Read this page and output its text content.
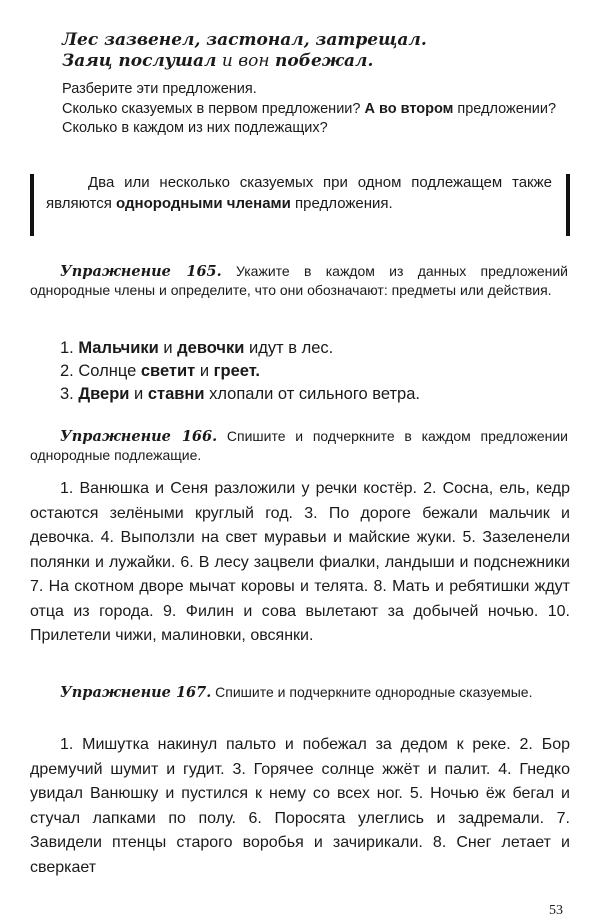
Лес зазвенел, застонал, затрещал.
Заяц послушал и вон побежал.

Разберите эти предложения.

Сколько сказуемых в первом предложении? А во втором предложении?

Сколько в каждом из них подлежащих?

Два или несколько сказуемых при одном подлежащем также являются однородными членами предложения.

Упражнение 165. Укажите в каждом из данных предложений однородные члены и определите, что они обозначают: предметы или действия.

1. Мальчики и девочки идут в лес.
2. Солнце светит и греет.
3. Двери и ставни хлопали от сильного ветра.

Упражнение 166. Спишите и подчеркните в каждом предложении однородные подлежащие.

1. Ванюшка и Сеня разложили у речки костёр. 2. Сосна, ель, кедр остаются зелёными круглый год. 3. По дороге бежали мальчик и девочка. 4. Выползли на свет муравьи и майские жуки. 5. Зазеленели полянки и лужайки. 6. В лесу зацвели фиалки, ландыши и подснежники 7. На скотном дворе мычат коровы и телята. 8. Мать и ребятишки ждут отца из города. 9. Филин и сова вылетают за добычей ночью. 10. Прилетели чижи, малиновки, овсянки.

Упражнение 167. Спишите и подчеркните однородные сказуемые.

1. Мишутка накинул пальто и побежал за дедом к реке. 2. Бор дремучий шумит и гудит. 3. Горячее солнце жжёт и палит. 4. Гнедко увидал Ванюшку и пустился к нему со всех ног. 5. Ночью ёж бегал и стучал лапками по полу. 6. Поросята улеглись и задремали. 7. Завидели птенцы старого воробья и зачирикали. 8. Снег летает и сверкает

53
